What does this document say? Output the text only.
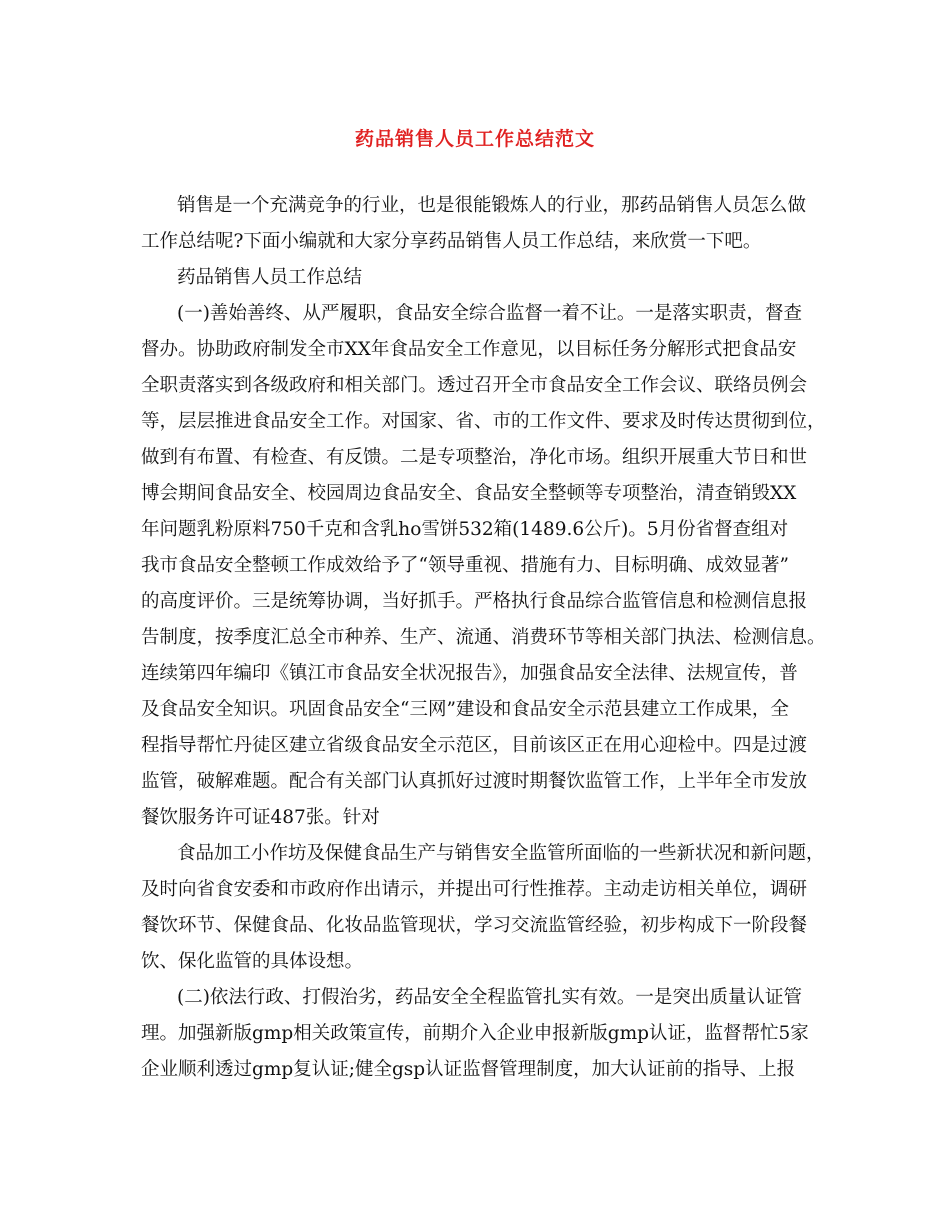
药品销售人员工作总结范文
销售是一个充满竞争的行业，也是很能锻炼人的行业，那药品销售人员怎么做
工作总结呢?下面小编就和大家分享药品销售人员工作总结，来欣赏一下吧。
药品销售人员工作总结
(一)善始善终、从严履职，食品安全综合监督一着不让。一是落实职责，督查
督办。协助政府制发全市XX年食品安全工作意见，以目标任务分解形式把食品安
全职责落实到各级政府和相关部门。透过召开全市食品安全工作会议、联络员例会
等，层层推进食品安全工作。对国家、省、市的工作文件、要求及时传达贯彻到位，
做到有布置、有检查、有反馈。二是专项整治，净化市场。组织开展重大节日和世
博会期间食品安全、校园周边食品安全、食品安全整顿等专项整治，清查销毁XX
年问题乳粉原料750千克和含乳ho雪饼532箱(1489.6公斤)。5月份省督查组对
我市食品安全整顿工作成效给予了“领导重视、措施有力、目标明确、成效显著”
的高度评价。三是统筹协调，当好抓手。严格执行食品综合监管信息和检测信息报
告制度，按季度汇总全市种养、生产、流通、消费环节等相关部门执法、检测信息。
连续第四年编印《镇江市食品安全状况报告》，加强食品安全法律、法规宣传，普
及食品安全知识。巩固食品安全“三网”建设和食品安全示范县建立工作成果，全
程指导帮忙丹徒区建立省级食品安全示范区，目前该区正在用心迎检中。四是过渡
监管，破解难题。配合有关部门认真抓好过渡时期餐饮监管工作，上半年全市发放
餐饮服务许可证487张。针对
食品加工小作坊及保健食品生产与销售安全监管所面临的一些新状况和新问题，
及时向省食安委和市政府作出请示，并提出可行性推荐。主动走访相关单位，调研
餐饮环节、保健食品、化妆品监管现状，学习交流监管经验，初步构成下一阶段餐
饮、保化监管的具体设想。
(二)依法行政、打假治劣，药品安全全程监管扎实有效。一是突出质量认证管
理。加强新版gmp相关政策宣传，前期介入企业申报新版gmp认证，监督帮忙5家
企业顺利透过gmp复认证;健全gsp认证监督管理制度，加大认证前的指导、上报
